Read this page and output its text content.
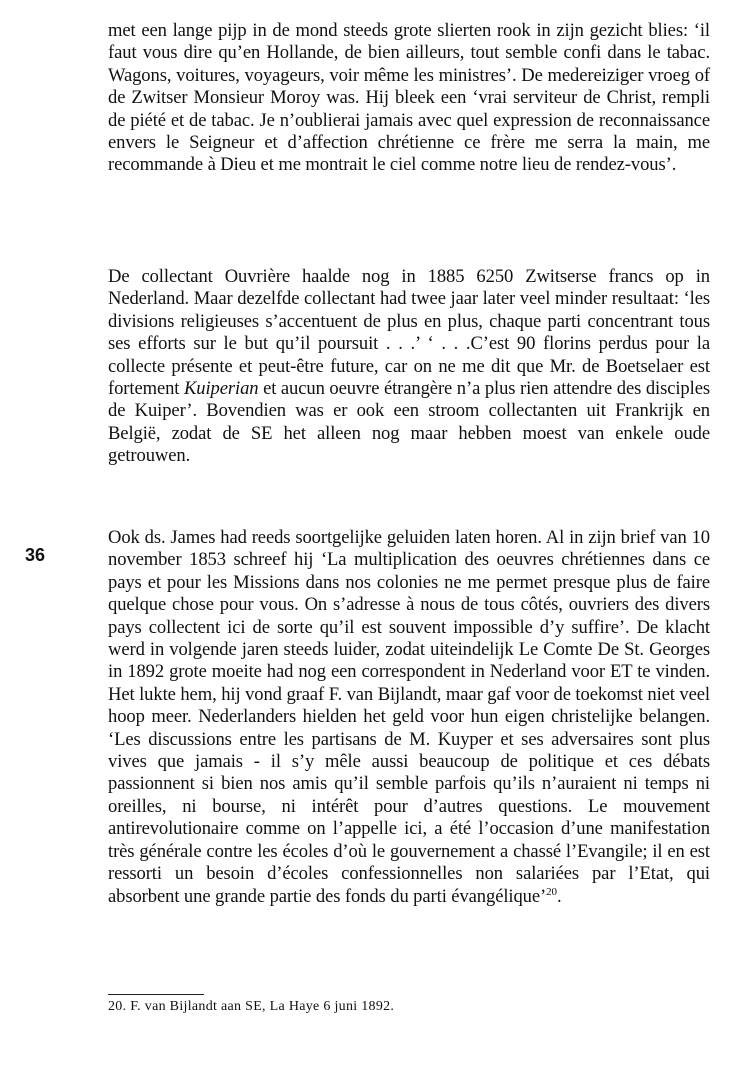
met een lange pijp in de mond steeds grote slierten rook in zijn gezicht blies: ‘il faut vous dire qu’en Hollande, de bien ailleurs, tout semble confi dans le tabac. Wagons, voitures, voyageurs, voir même les ministres’. De medereiziger vroeg of de Zwitser Monsieur Moroy was. Hij bleek een ‘vrai serviteur de Christ, rempli de piété et de tabac. Je n’oublierai jamais avec quel expression de reconnaissance envers le Seigneur et d’affection chrétienne ce frère me serra la main, me recommande à Dieu et me montrait le ciel comme notre lieu de rendez-vous’.

De collectant Ouvrière haalde nog in 1885 6250 Zwitserse francs op in Nederland. Maar dezelfde collectant had twee jaar later veel minder resultaat: ‘les divisions religieuses s’accentuent de plus en plus, chaque parti concentrant tous ses efforts sur le but qu’il poursuit . . .’ ‘ . . .C’est 90 florins perdus pour la collecte présente et peut-être future, car on ne me dit que Mr. de Boetselaer est fortement Kuiperian et aucun oeuvre étrangère n’a plus rien attendre des disciples de Kuiper’. Bovendien was er ook een stroom collectanten uit Frankrijk en België, zodat de SE het alleen nog maar hebben moest van enkele oude getrouwen.

36

Ook ds. James had reeds soortgelijke geluiden laten horen. Al in zijn brief van 10 november 1853 schreef hij ‘La multiplication des oeuvres chrétiennes dans ce pays et pour les Missions dans nos colonies ne me permet presque plus de faire quelque chose pour vous. On s’adresse à nous de tous côtés, ouvriers des divers pays collectent ici de sorte qu’il est souvent impossible d’y suffire’. De klacht werd in volgende jaren steeds luider, zodat uiteindelijk Le Comte De St. Georges in 1892 grote moeite had nog een correspondent in Nederland voor ET te vinden. Het lukte hem, hij vond graaf F. van Bijlandt, maar gaf voor de toekomst niet veel hoop meer. Nederlanders hielden het geld voor hun eigen christelijke belangen. ‘Les discussions entre les partisans de M. Kuyper et ses adversaires sont plus vives que jamais - il s’y mêle aussi beaucoup de politique et ces débats passionnent si bien nos amis qu’il semble parfois qu’ils n’auraient ni temps ni oreilles, ni bourse, ni intérêt pour d’autres questions. Le mouvement antirevolutionaire comme on l’appelle ici, a été l’occasion d’une manifestation très générale contre les écoles d’où le gouvernement a chassé l’Evangile; il en est ressorti un besoin d’écoles confessionnelles non salariées par l’Etat, qui absorbent une grande partie des fonds du parti évangélique’$^{20}$.

20. F. van Bijlandt aan SE, La Haye 6 juni 1892.
